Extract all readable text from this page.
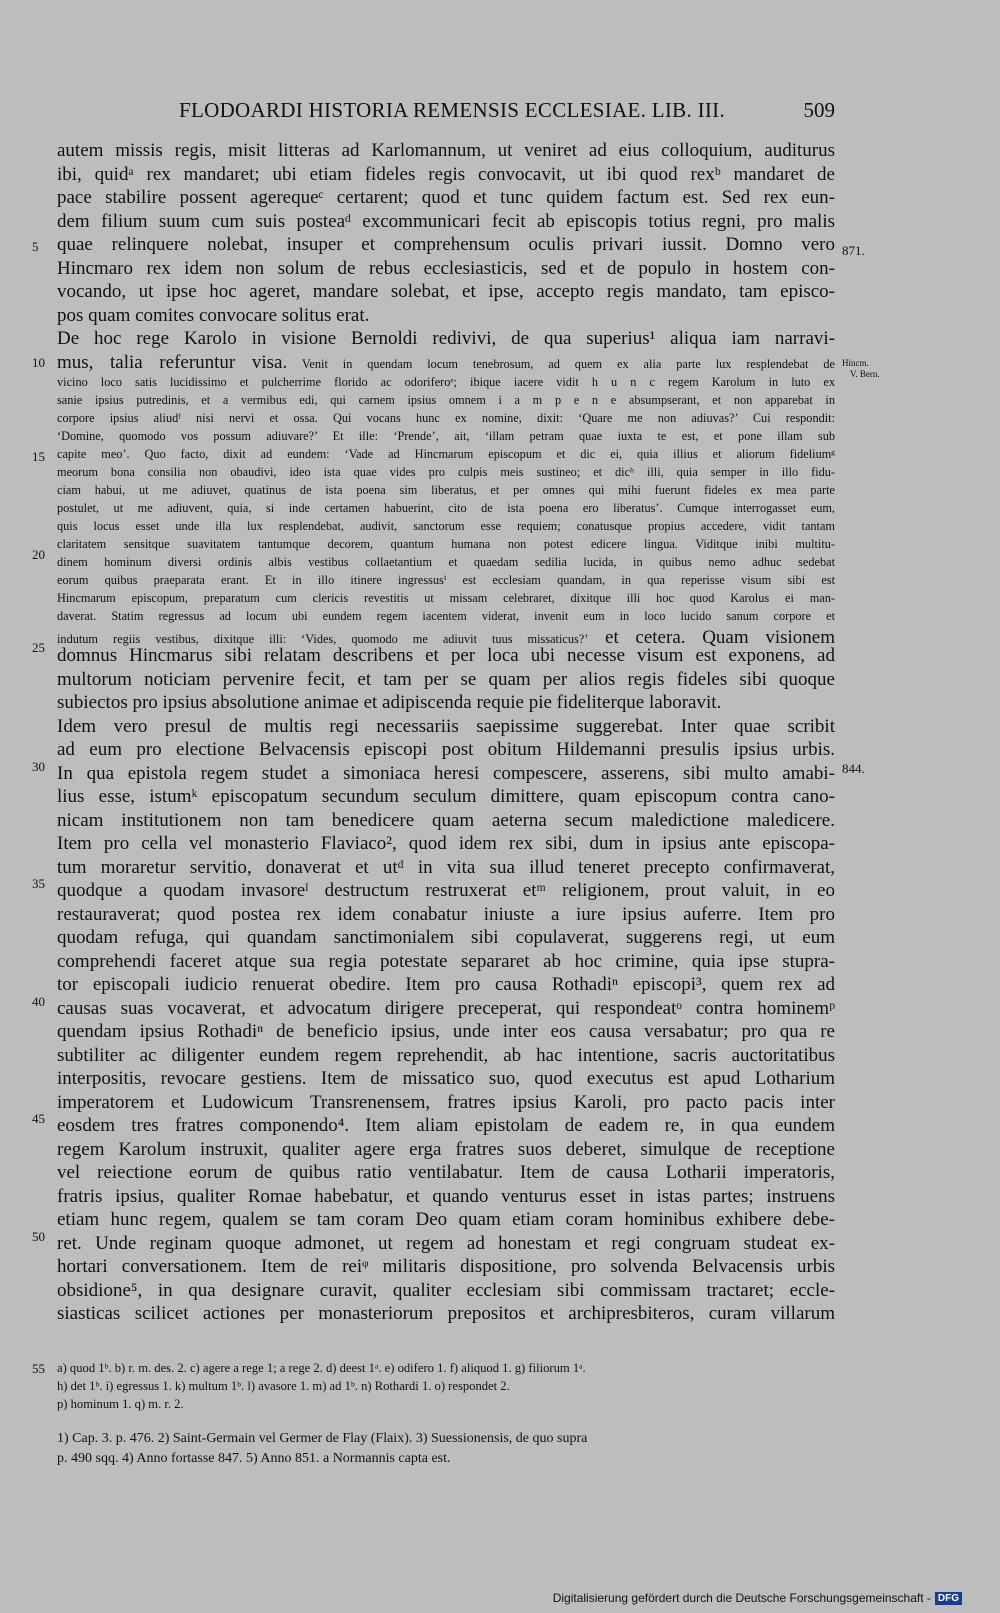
FLODOARDI HISTORIA REMENSIS ECCLESIAE. LIB. III.	509
autem missis regis, misit litteras ad Karlomannum, ut veniret ad eius colloquium, auditurus
ibi, quidᵃ rex mandaret; ubi etiam fideles regis convocavit, ut ibi quod rexᵇ mandaret de
pace stabilire possent agerequeᶜ certarent; quod et tunc quidem factum est. Sed rex eun-
dem filium suum cum suis posteaᵈ excommunicari fecit ab episcopis totius regni, pro malis
quae relinquere nolebat, insuper et comprehensum oculis privari iussit. Domno vero
Hincmaro rex idem non solum de rebus ecclesiasticis, sed et de populo in hostem con-
vocando, ut ipse hoc ageret, mandare solebat, et ipse, accepto regis mandato, tam episco-
pos quam comites convocare solitus erat.
De hoc rege Karolo in visione Bernoldi redivivi, de qua superius¹ aliqua iam narravi-
mus, talia referuntur visa. Venit in quendam locum tenebrosum, ad quem ex alia parte lux resplendebat de
vicino loco satis lucidissimo et pulcherrime florido ac odoriferoᵉ; ibique iacere vidit h u n c regem Karolum in luto ex
sanie ipsius putredinis, et a vermibus edi, qui carnem ipsius omnem i a m p e n e absumpserant, et non apparebat in
corpore ipsius aliudᶠ nisi nervi et ossa. Qui vocans hunc ex nomine, dixit: ‘Quare me non adiuvas?’ Cui respondit:
‘Domine, quomodo vos possum adiuvare?’ Et ille: ‘Prende’, ait, ‘illam petram quae iuxta te est, et pone illam sub
capite meo’. Quo facto, dixit ad eundem: ‘Vade ad Hincmarum episcopum et dic ei, quia illius et aliorum fideliumᵍ
meorum bona consilia non obaudivi, ideo ista quae vides pro culpis meis sustineo; et dicʰ illi, quia semper in illo fidu-
ciam habui, ut me adiuvet, quatinus de ista poena sim liberatus, et per omnes qui mihi fuerunt fideles ex mea parte
postulet, ut me adiuvent, quia, si inde certamen habuerint, cito de ista poena ero liberatus’. Cumque interrogasset eum,
quis locus esset unde illa lux resplendebat, audivit, sanctorum esse requiem; conatusque propius accedere, vidit tantam
claritatem sensitque suavitatem tantumque decorem, quantum humana non potest edicere lingua. Viditque inibi multitu-
dinem hominum diversi ordinis albis vestibus collaetantium et quaedam sedilia lucida, in quibus nemo adhuc sedebat
eorum quibus praeparata erant. Et in illo itinere ingressusⁱ est ecclesiam quandam, in qua reperisse visum sibi est
Hincmarum episcopum, preparatum cum clericis revestitis ut missam celebraret, dixitque illi hoc quod Karolus ei man-
daverat. Statim regressus ad locum ubi eundem regem iacentem viderat, invenit eum in loco lucido sanum corpore et
indutum regiis vestibus, dixitque illi: ‘Vides, quomodo me adiuvit tuus missaticus?’ et cetera. Quam visionem
domnus Hincmarus sibi relatam describens et per loca ubi necesse visum est exponens, ad
multorum noticiam pervenire fecit, et tam per se quam per alios regis fideles sibi quoque
subiectos pro ipsius absolutione animae et adipiscenda requie pie fideliterque laboravit.
Idem vero presul de multis regi necessariis saepissime suggerebat. Inter quae scribit
ad eum pro electione Belvacensis episcopi post obitum Hildemanni presulis ipsius urbis.
In qua epistola regem studet a simoniaca heresi compescere, asserens, sibi multo amabi-
lius esse, istumᵏ episcopatum secundum seculum dimittere, quam episcopum contra cano-
nicam institutionem non tam benedicere quam aeterna secum maledictione maledicere.
Item pro cella vel monasterio Flaviaco², quod idem rex sibi, dum in ipsius ante episcopa-
tum moraretur servitio, donaverat et utᵈ in vita sua illud teneret precepto confirmaverat,
quodque a quodam invasoreˡ destructum restruxerat etᵐ religionem, prout valuit, in eo
restauraverat; quod postea rex idem conabatur iniuste a iure ipsius auferre. Item pro
quodam refuga, qui quandam sanctimonialem sibi copulaverat, suggerens regi, ut eum
comprehendi faceret atque sua regia potestate separaret ab hoc crimine, quia ipse stupra-
tor episcopali iudicio renuerat obedire. Item pro causa Rothadiⁿ episcopi³, quem rex ad
causas suas vocaverat, et advocatum dirigere preceperat, qui respondeatᵒ contra hominemᵖ
quendam ipsius Rothadiⁿ de beneficio ipsius, unde inter eos causa versabatur; pro qua re
subtiliter ac diligenter eundem regem reprehendit, ab hac intentione, sacris auctoritatibus
interpositis, revocare gestiens. Item de missatico suo, quod executus est apud Lotharium
imperatorem et Ludowicum Transrenensem, fratres ipsius Karoli, pro pacto pacis inter
eosdem tres fratres componendo⁴. Item aliam epistolam de eadem re, in qua eundem
regem Karolum instruxit, qualiter agere erga fratres suos deberet, simulque de receptione
vel reiectione eorum de quibus ratio ventilabatur. Item de causa Lotharii imperatoris,
fratris ipsius, qualiter Romae habebatur, et quando venturus esset in istas partes; instruens
etiam hunc regem, qualem se tam coram Deo quam etiam coram hominibus exhibere debe-
ret. Unde reginam quoque admonet, ut regem ad honestam et regi congruam studeat ex-
hortari conversationem. Item de reiᵠ militaris dispositione, pro solvenda Belvacensis urbis
obsidione⁵, in qua designare curavit, qualiter ecclesiam sibi commissam tractaret; eccle-
siasticas scilicet actiones per monasteriorum prepositos et archipresbiteros, curam villarum
5
10
15
20
25
30
35
40
45
50
55
871.
Hincm.
V. Bern.
844.
a) quod 1ᵇ. b) r. m. des. 2. c) agere a rege 1; a rege 2. d) deest 1ᵃ. e) odifero 1. f) aliquod 1. g) filiorum 1ᵃ.
h) det 1ᵇ. i) egressus 1. k) multum 1ᵇ. l) avasore 1. m) ad 1ᵇ. n) Rothardi 1. o) respondet 2.
p) hominum 1. q) m. r. 2.
1) Cap. 3. p. 476. 2) Saint-Germain vel Germer de Flay (Flaix). 3) Suessionensis, de quo supra
p. 490 sqq. 4) Anno fortasse 847. 5) Anno 851. a Normannis capta est.
Digitalisierung gefördert durch die Deutsche Forschungsgemeinschaft - DFG
